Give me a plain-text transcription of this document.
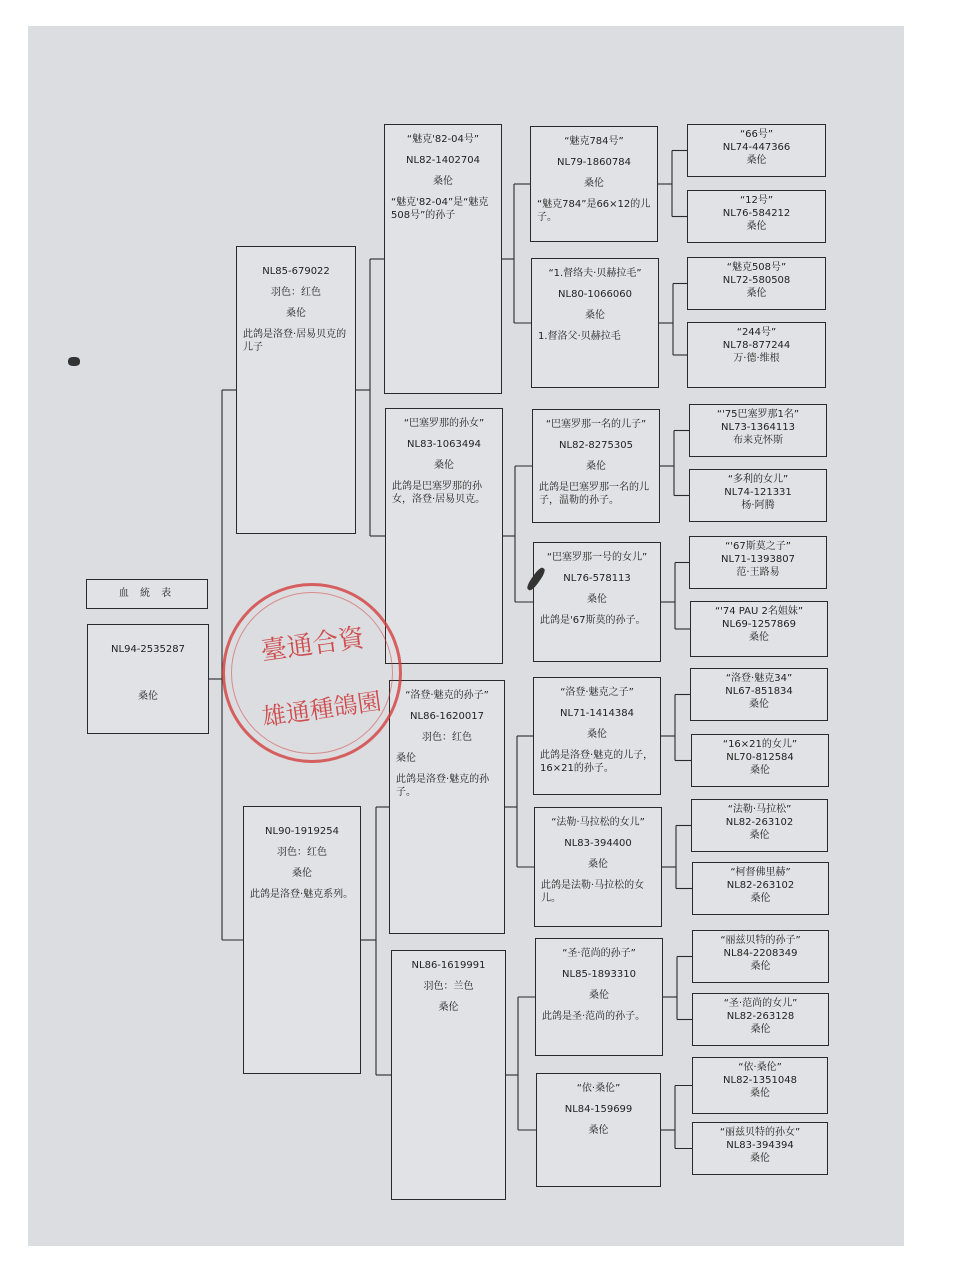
血 統 表
NL94-2535287
桑伦
NL85-679022
羽色：红色
桑伦
此鸽是洛登·居易贝克的儿子
NL90-1919254
羽色：红色
桑伦
此鸽是洛登·魅克系列。
“魅克'82-04号”
NL82-1402704
桑伦
“魅克'82-04”是“魅克508号”的孙子
“巴塞罗那的孙女”
NL83-1063494
桑伦
此鸽是巴塞罗那的孙女，洛登·居易贝克。
“洛登·魅克的孙子”
NL86-1620017
羽色：红色
桑伦
此鸽是洛登·魅克的孙子。
NL86-1619991
羽色：兰色
桑伦
“魅克784号”
NL79-1860784
桑伦
“魅克784”是66×12的儿子。
“1.督络夫·贝赫拉毛”
NL80-1066060
桑伦
1.督洛父·贝赫拉毛
“巴塞罗那一名的儿子”
NL82-8275305
桑伦
此鸽是巴塞罗那一名的儿子，温勒的孙子。
“巴塞罗那一号的女儿”
NL76-578113
桑伦
此鸽是'67斯莫的孙子。
“洛登·魅克之子”
NL71-1414384
桑伦
此鸽是洛登·魅克的儿子，16×21的孙子。
“法勒·马拉松的女儿”
NL83-394400
桑伦
此鸽是法勒·马拉松的女儿。
“圣·范尚的孙子”
NL85-1893310
桑伦
此鸽是圣·范尚的孙子。
“依·桑伦”
NL84-159699
桑伦
“66号”
NL74-447366
桑伦
“12号”
NL76-584212
桑伦
“魅克508号”
NL72-580508
桑伦
“244号”
NL78-877244
万·德·维根
“'75巴塞罗那1名”
NL73-1364113
布来克怀斯
“多利的女儿”
NL74-121331
杨·阿腾
“'67斯莫之子”
NL71-1393807
范·王路易
“'74 PAU 2名姐妹”
NL69-1257869
桑伦
“洛登·魅克34”
NL67-851834
桑伦
“16×21的女儿”
NL70-812584
桑伦
“法勒·马拉松”
NL82-263102
桑伦
“柯督佛里赫”
NL82-263102
桑伦
“丽兹贝特的孙子”
NL84-2208349
桑伦
“圣·范尚的女儿”
NL82-263128
桑伦
“依·桑伦”
NL82-1351048
桑伦
“丽兹贝特的孙女”
NL83-394394
桑伦
臺通合資
雄通種鴿園
